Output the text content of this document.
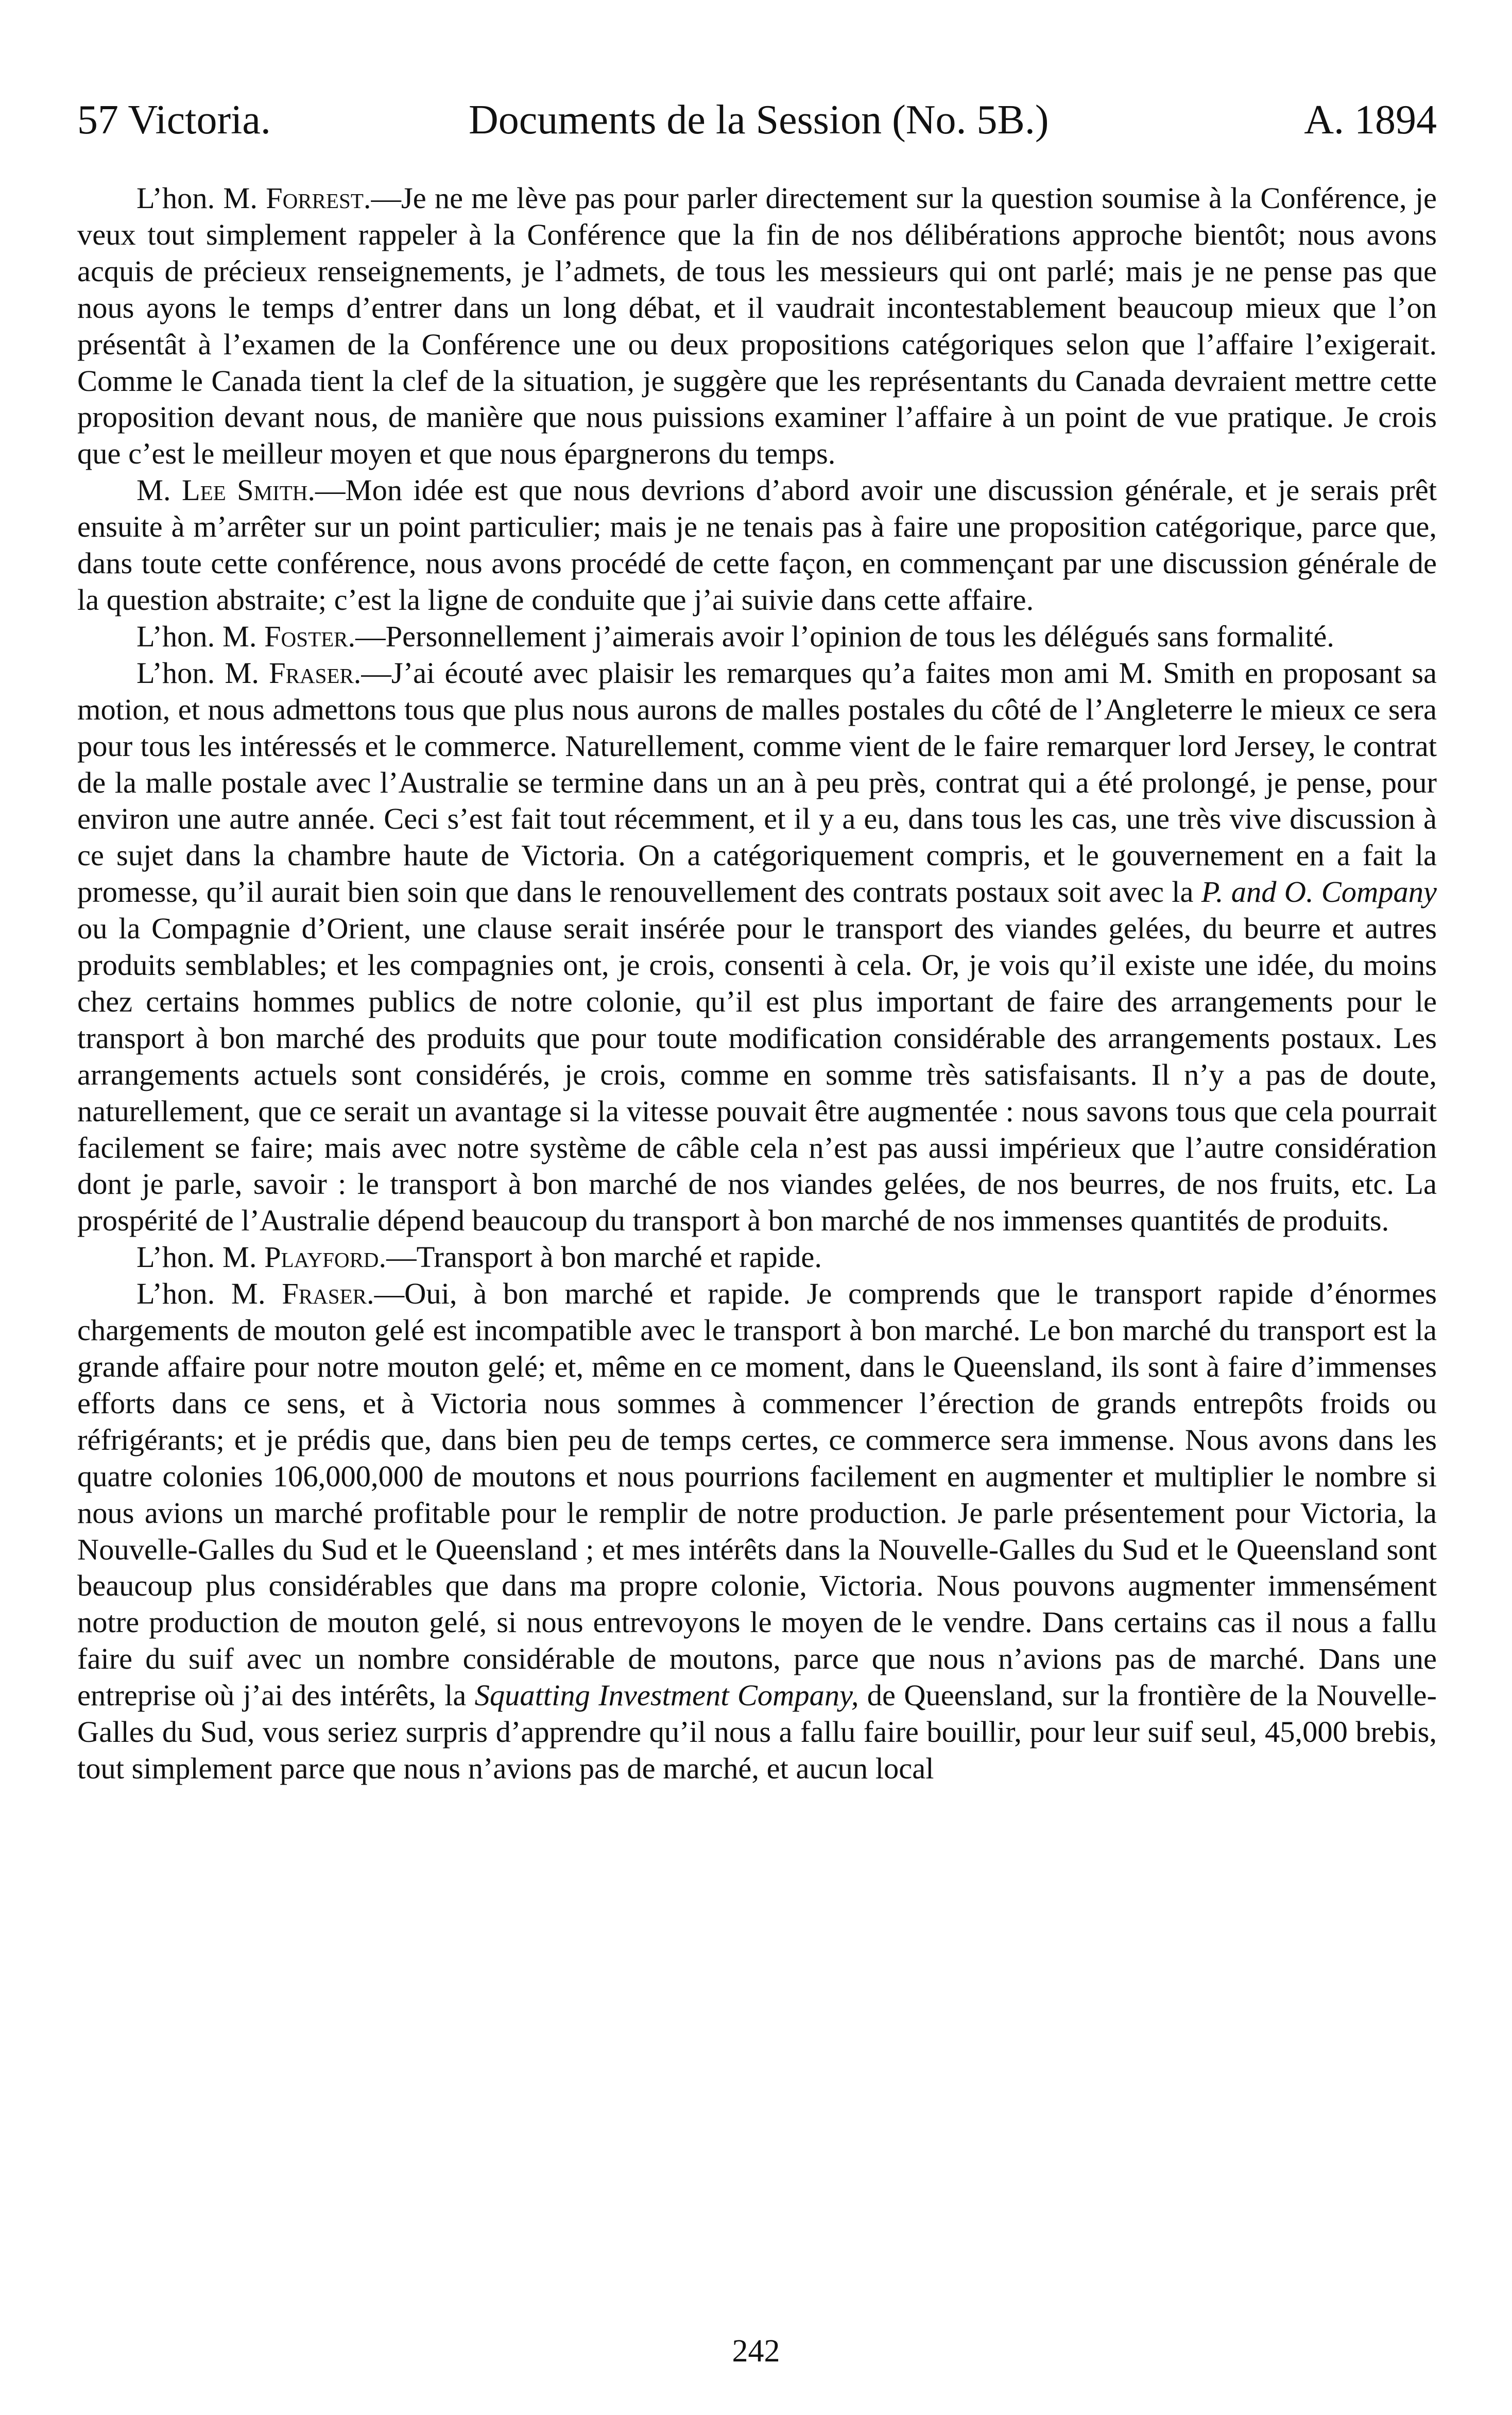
57 Victoria.	Documents de la Session (No. 5B.)	A. 1894

L’hon. M. Forrest.—Je ne me lève pas pour parler directement sur la question soumise à la Conférence, je veux tout simplement rappeler à la Conférence que la fin de nos délibérations approche bientôt; nous avons acquis de précieux renseignements, je l’admets, de tous les messieurs qui ont parlé; mais je ne pense pas que nous ayons le temps d’entrer dans un long débat, et il vaudrait incontestablement beaucoup mieux que l’on présentât à l’examen de la Conférence une ou deux propositions catégoriques selon que l’affaire l’exigerait. Comme le Canada tient la clef de la situation, je suggère que les représentants du Canada devraient mettre cette proposition devant nous, de manière que nous puissions examiner l’affaire à un point de vue pratique. Je crois que c’est le meilleur moyen et que nous épargnerons du temps.

M. Lee Smith.—Mon idée est que nous devrions d’abord avoir une discussion générale, et je serais prêt ensuite à m’arrêter sur un point particulier; mais je ne tenais pas à faire une proposition catégorique, parce que, dans toute cette conférence, nous avons procédé de cette façon, en commençant par une discussion générale de la question abstraite; c’est la ligne de conduite que j’ai suivie dans cette affaire.

L’hon. M. Foster.—Personnellement j’aimerais avoir l’opinion de tous les délégués sans formalité.

L’hon. M. Fraser.—J’ai écouté avec plaisir les remarques qu’a faites mon ami M. Smith en proposant sa motion, et nous admettons tous que plus nous aurons de malles postales du côté de l’Angleterre le mieux ce sera pour tous les intéressés et le commerce. Naturellement, comme vient de le faire remarquer lord Jersey, le contrat de la malle postale avec l’Australie se termine dans un an à peu près, contrat qui a été prolongé, je pense, pour environ une autre année. Ceci s’est fait tout récemment, et il y a eu, dans tous les cas, une très vive discussion à ce sujet dans la chambre haute de Victoria. On a catégoriquement compris, et le gouvernement en a fait la promesse, qu’il aurait bien soin que dans le renouvellement des contrats postaux soit avec la P. and O. Company ou la Compagnie d’Orient, une clause serait insérée pour le transport des viandes gelées, du beurre et autres produits semblables; et les compagnies ont, je crois, consenti à cela. Or, je vois qu’il existe une idée, du moins chez certains hommes publics de notre colonie, qu’il est plus important de faire des arrangements pour le transport à bon marché des produits que pour toute modification considérable des arrangements postaux. Les arrangements actuels sont considérés, je crois, comme en somme très satisfaisants. Il n’y a pas de doute, naturellement, que ce serait un avantage si la vitesse pouvait être augmentée : nous savons tous que cela pourrait facilement se faire; mais avec notre système de câble cela n’est pas aussi impérieux que l’autre considération dont je parle, savoir : le transport à bon marché de nos viandes gelées, de nos beurres, de nos fruits, etc. La prospérité de l’Australie dépend beaucoup du transport à bon marché de nos immenses quantités de produits.

L’hon. M. Playford.—Transport à bon marché et rapide.

L’hon. M. Fraser.—Oui, à bon marché et rapide. Je comprends que le transport rapide d’énormes chargements de mouton gelé est incompatible avec le transport à bon marché. Le bon marché du transport est la grande affaire pour notre mouton gelé; et, même en ce moment, dans le Queensland, ils sont à faire d’immenses efforts dans ce sens, et à Victoria nous sommes à commencer l’érection de grands entrepôts froids ou réfrigérants; et je prédis que, dans bien peu de temps certes, ce commerce sera immense. Nous avons dans les quatre colonies 106,000,000 de moutons et nous pourrions facilement en augmenter et multiplier le nombre si nous avions un marché profitable pour le remplir de notre production. Je parle présentement pour Victoria, la Nouvelle-Galles du Sud et le Queensland ; et mes intérêts dans la Nouvelle-Galles du Sud et le Queensland sont beaucoup plus considérables que dans ma propre colonie, Victoria. Nous pouvons augmenter immensément notre production de mouton gelé, si nous entrevoyons le moyen de le vendre. Dans certains cas il nous a fallu faire du suif avec un nombre considérable de moutons, parce que nous n’avions pas de marché. Dans une entreprise où j’ai des intérêts, la Squatting Investment Company, de Queensland, sur la frontière de la Nouvelle-Galles du Sud, vous seriez surpris d’apprendre qu’il nous a fallu faire bouillir, pour leur suif seul, 45,000 brebis, tout simplement parce que nous n’avions pas de marché, et aucun local

242
